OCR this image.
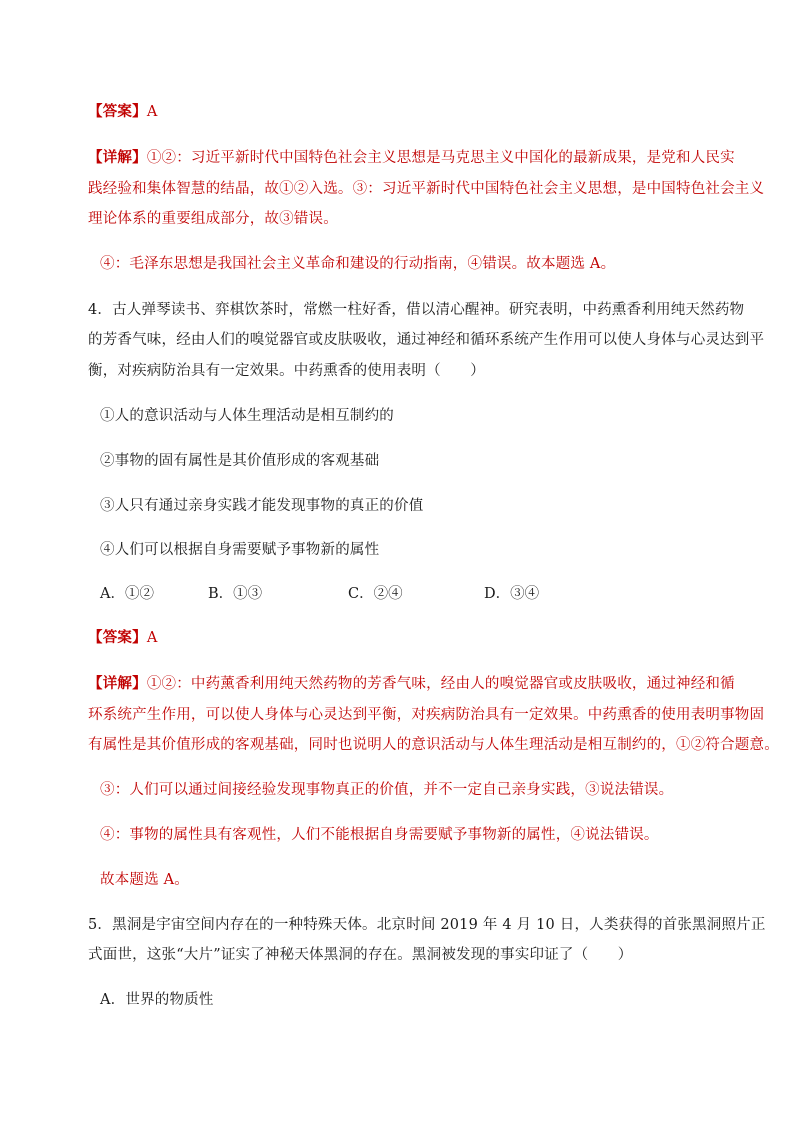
【答案】A
【详解】①②：习近平新时代中国特色社会主义思想是马克思主义中国化的最新成果，是党和人民实
践经验和集体智慧的结晶，故①②入选。③：习近平新时代中国特色社会主义思想，是中国特色社会主义
理论体系的重要组成部分，故③错误。
④：毛泽东思想是我国社会主义革命和建设的行动指南，④错误。故本题选 A。
4．古人弹琴读书、弈棋饮茶时，常燃一柱好香，借以清心醒神。研究表明，中药熏香利用纯天然药物
的芳香气味，经由人们的嗅觉器官或皮肤吸收，通过神经和循环系统产生作用可以使人身体与心灵达到平
衡，对疾病防治具有一定效果。中药熏香的使用表明（　　）
①人的意识活动与人体生理活动是相互制约的
②事物的固有属性是其价值形成的客观基础
③人只有通过亲身实践才能发现事物的真正的价值
④人们可以根据自身需要赋予事物新的属性
A．①②	B．①③	C．②④	D．③④
【答案】A
【详解】①②：中药薰香利用纯天然药物的芳香气味，经由人的嗅觉器官或皮肤吸收，通过神经和循
环系统产生作用，可以使人身体与心灵达到平衡，对疾病防治具有一定效果。中药熏香的使用表明事物固
有属性是其价值形成的客观基础，同时也说明人的意识活动与人体生理活动是相互制约的，①②符合题意。
③：人们可以通过间接经验发现事物真正的价值，并不一定自己亲身实践，③说法错误。
④：事物的属性具有客观性，人们不能根据自身需要赋予事物新的属性，④说法错误。
故本题选 A。
5．黑洞是宇宙空间内存在的一种特殊天体。北京时间 2019 年 4 月 10 日，人类获得的首张黑洞照片正
式面世，这张“大片”证实了神秘天体黑洞的存在。黑洞被发现的事实印证了（　　）
A．世界的物质性
